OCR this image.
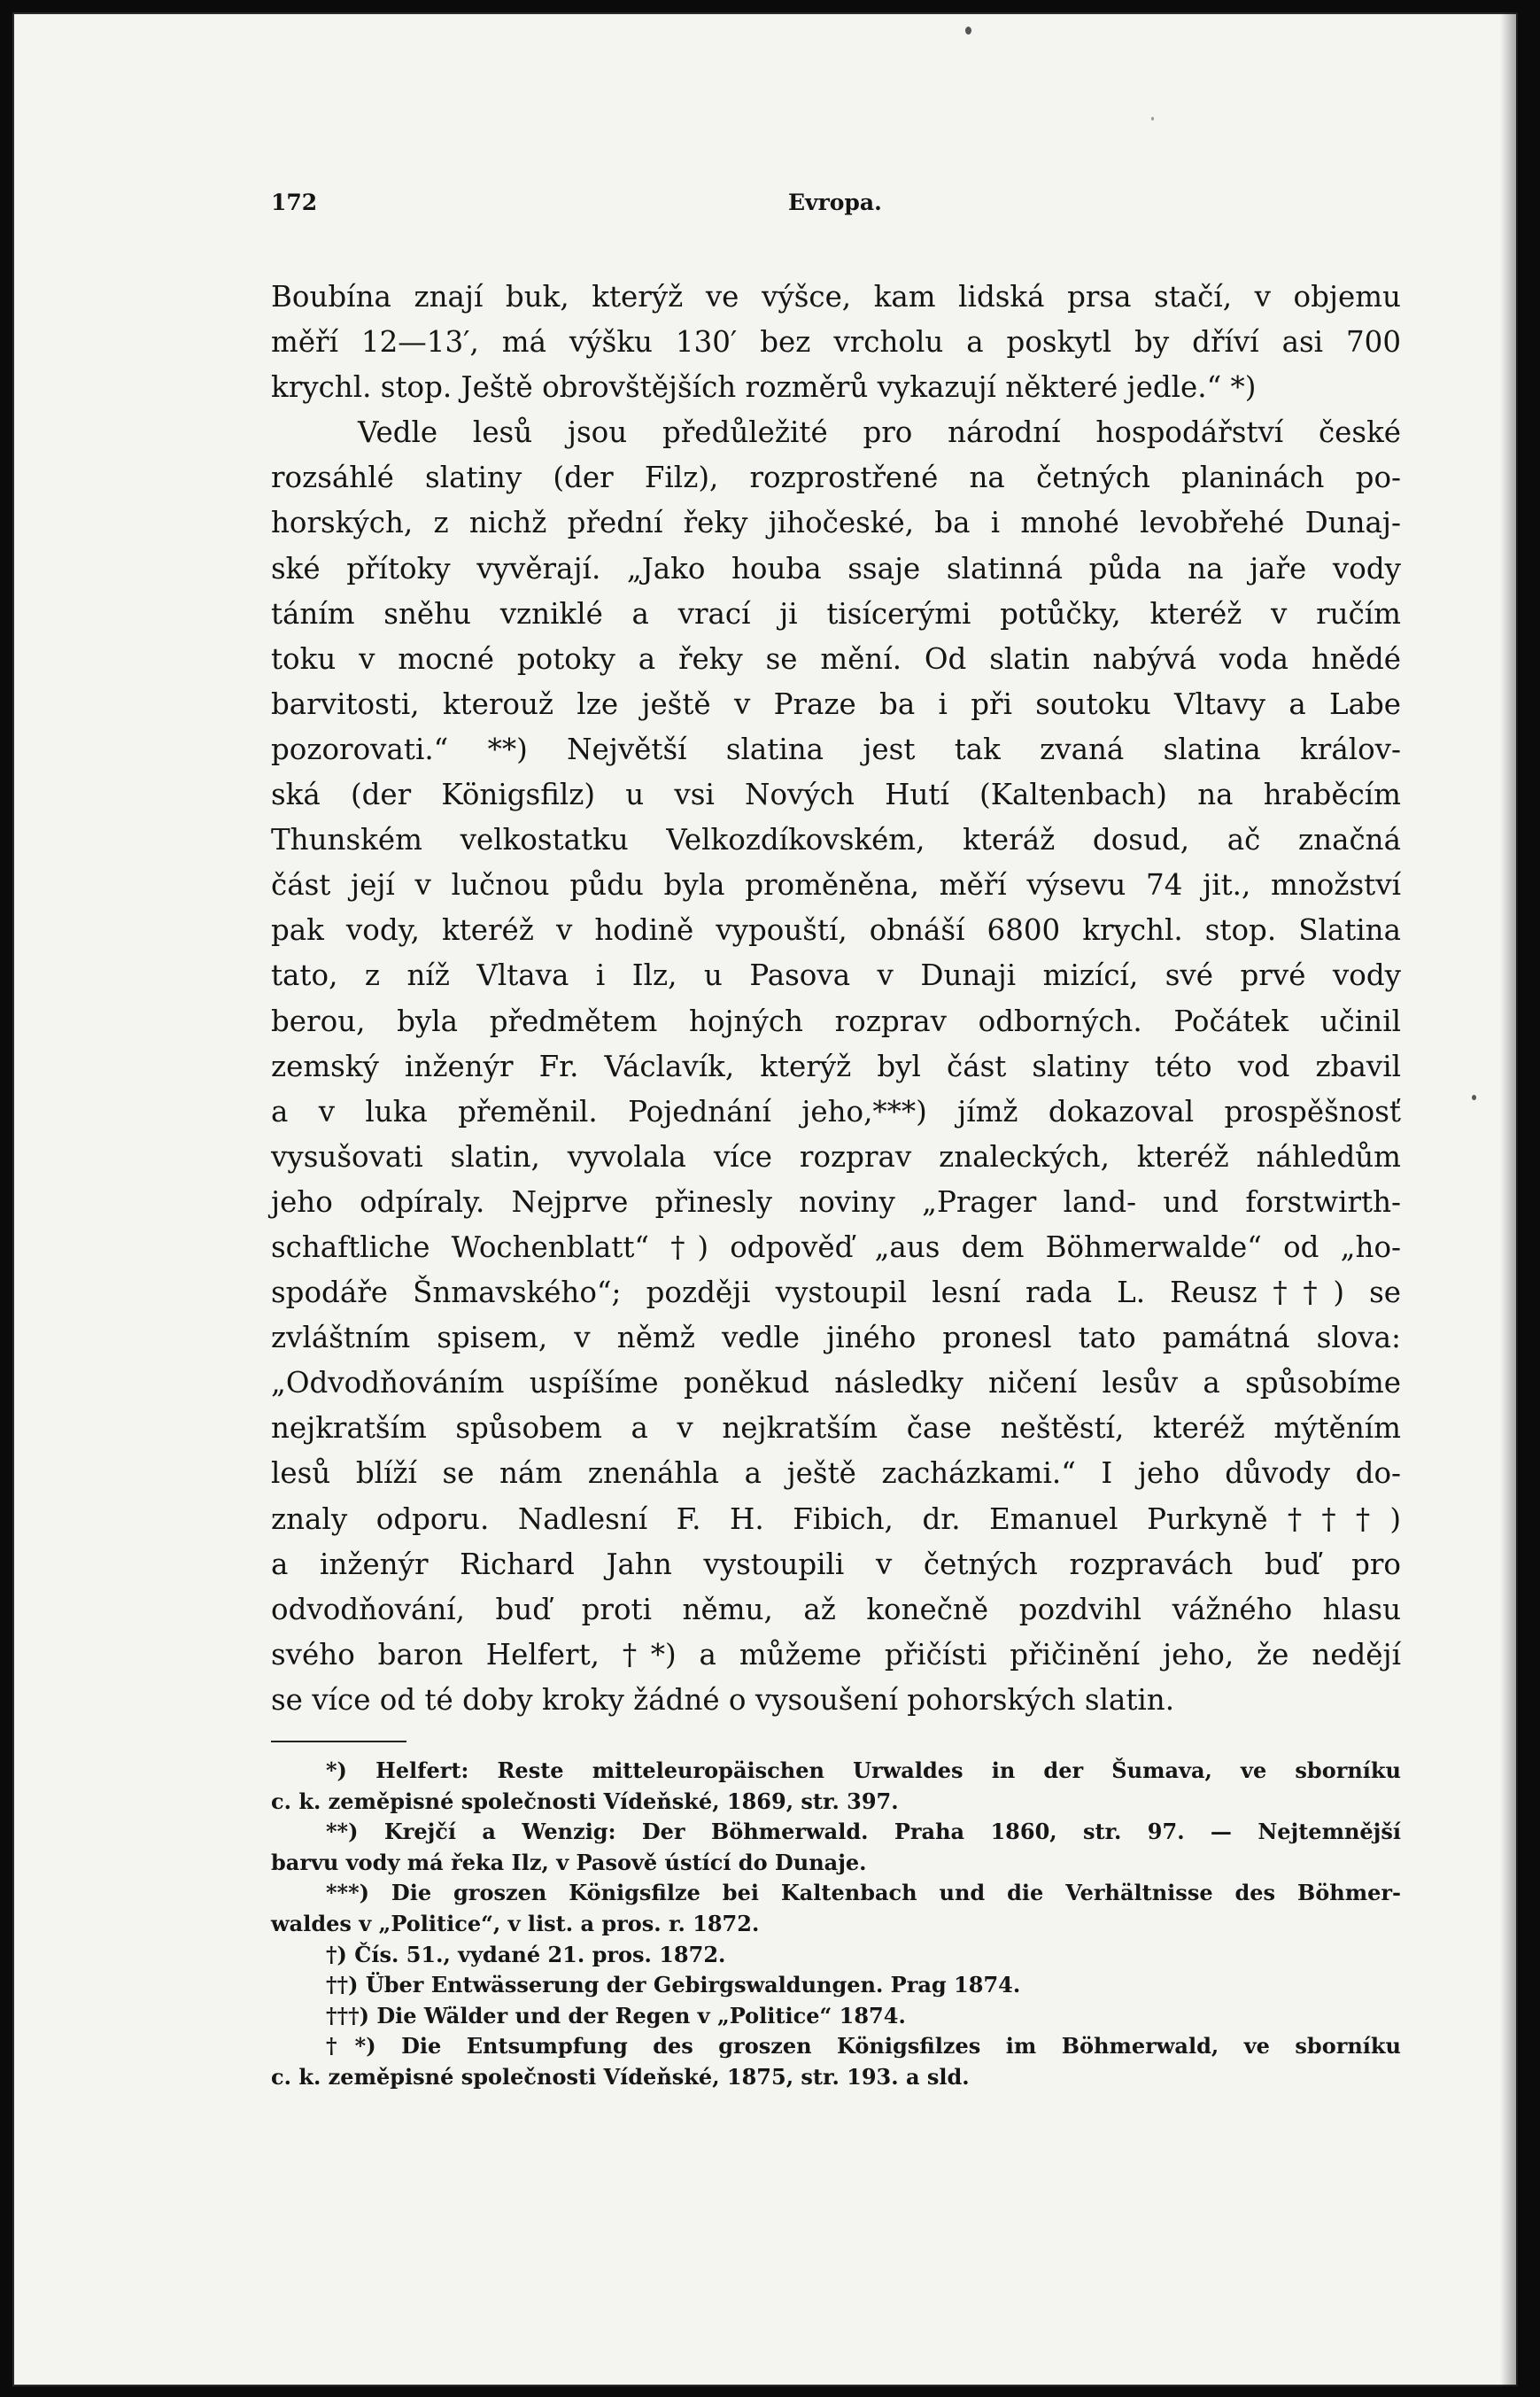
172	Evropa.
Boubína znají buk, kterýž ve výšce, kam lidská prsa stačí, v objemu
měří 12—13′, má výšku 130′ bez vrcholu a poskytl by dříví asi 700
krychl. stop. Ještě obrovštějších rozměrů vykazují některé jedle.“ *)
Vedle lesů jsou předůležité pro národní hospodářství české
rozsáhlé slatiny (der Filz), rozprostřené na četných planinách po-
horských, z nichž přední řeky jihočeské, ba i mnohé levobřehé Dunaj-
ské přítoky vyvěrají. „Jako houba ssaje slatinná půda na jaře vody
táním sněhu vzniklé a vrací ji tisícerými potůčky, kteréž v ručím
toku v mocné potoky a řeky se mění. Od slatin nabývá voda hnědé
barvitosti, kterouž lze ještě v Praze ba i při soutoku Vltavy a Labe
pozorovati.“ **) Největší slatina jest tak zvaná slatina králov-
ská (der Königsfilz) u vsi Nových Hutí (Kaltenbach) na hraběcím
Thunském velkostatku Velkozdíkovském, kteráž dosud, ač značná
část její v lučnou půdu byla proměněna, měří výsevu 74 jit., množství
pak vody, kteréž v hodině vypouští, obnáší 6800 krychl. stop. Slatina
tato, z níž Vltava i Ilz, u Pasova v Dunaji mizící, své prvé vody
berou, byla předmětem hojných rozprav odborných. Počátek učinil
zemský inženýr Fr. Václavík, kterýž byl část slatiny této vod zbavil
a v luka přeměnil. Pojednání jeho,***) jímž dokazoval prospěšnosť
vysušovati slatin, vyvolala více rozprav znaleckých, kteréž náhledům
jeho odpíraly. Nejprve přinesly noviny „Prager land- und forstwirth-
schaftliche Wochenblatt“ †) odpověď „aus dem Böhmerwalde“ od „ho-
spodáře Šnmavského“; později vystoupil lesní rada L. Reusz††) se
zvláštním spisem, v němž vedle jiného pronesl tato památná slova:
„Odvodňováním uspíšíme poněkud následky ničení lesův a spůsobíme
nejkratším spůsobem a v nejkratším čase neštěstí, kteréž mýtěním
lesů blíží se nám znenáhla a ještě zacházkami.“ I jeho důvody do-
znaly odporu. Nadlesní F. H. Fibich, dr. Emanuel Purkyně†††)
a inženýr Richard Jahn vystoupili v četných rozpravách buď pro
odvodňování, buď proti němu, až konečně pozdvihl vážného hlasu
svého baron Helfert, †*) a můžeme přičísti přičinění jeho, že nedějí
se více od té doby kroky žádné o vysoušení pohorských slatin.
*) Helfert: Reste mitteleuropäischen Urwaldes in der Šumava, ve sborníku
c. k. zeměpisné společnosti Vídeňské, 1869, str. 397.
**) Krejčí a Wenzig: Der Böhmerwald. Praha 1860, str. 97. — Nejtemnější
barvu vody má řeka Ilz, v Pasově ústící do Dunaje.
***) Die groszen Königsfilze bei Kaltenbach und die Verhältnisse des Böhmer-
waldes v „Politice“, v list. a pros. r. 1872.
†) Čís. 51., vydané 21. pros. 1872.
††) Über Entwässerung der Gebirgswaldungen. Prag 1874.
†††) Die Wälder und der Regen v „Politice“ 1874.
†*) Die Entsumpfung des groszen Königsfilzes im Böhmerwald, ve sborníku
c. k. zeměpisné společnosti Vídeňské, 1875, str. 193. a sld.
